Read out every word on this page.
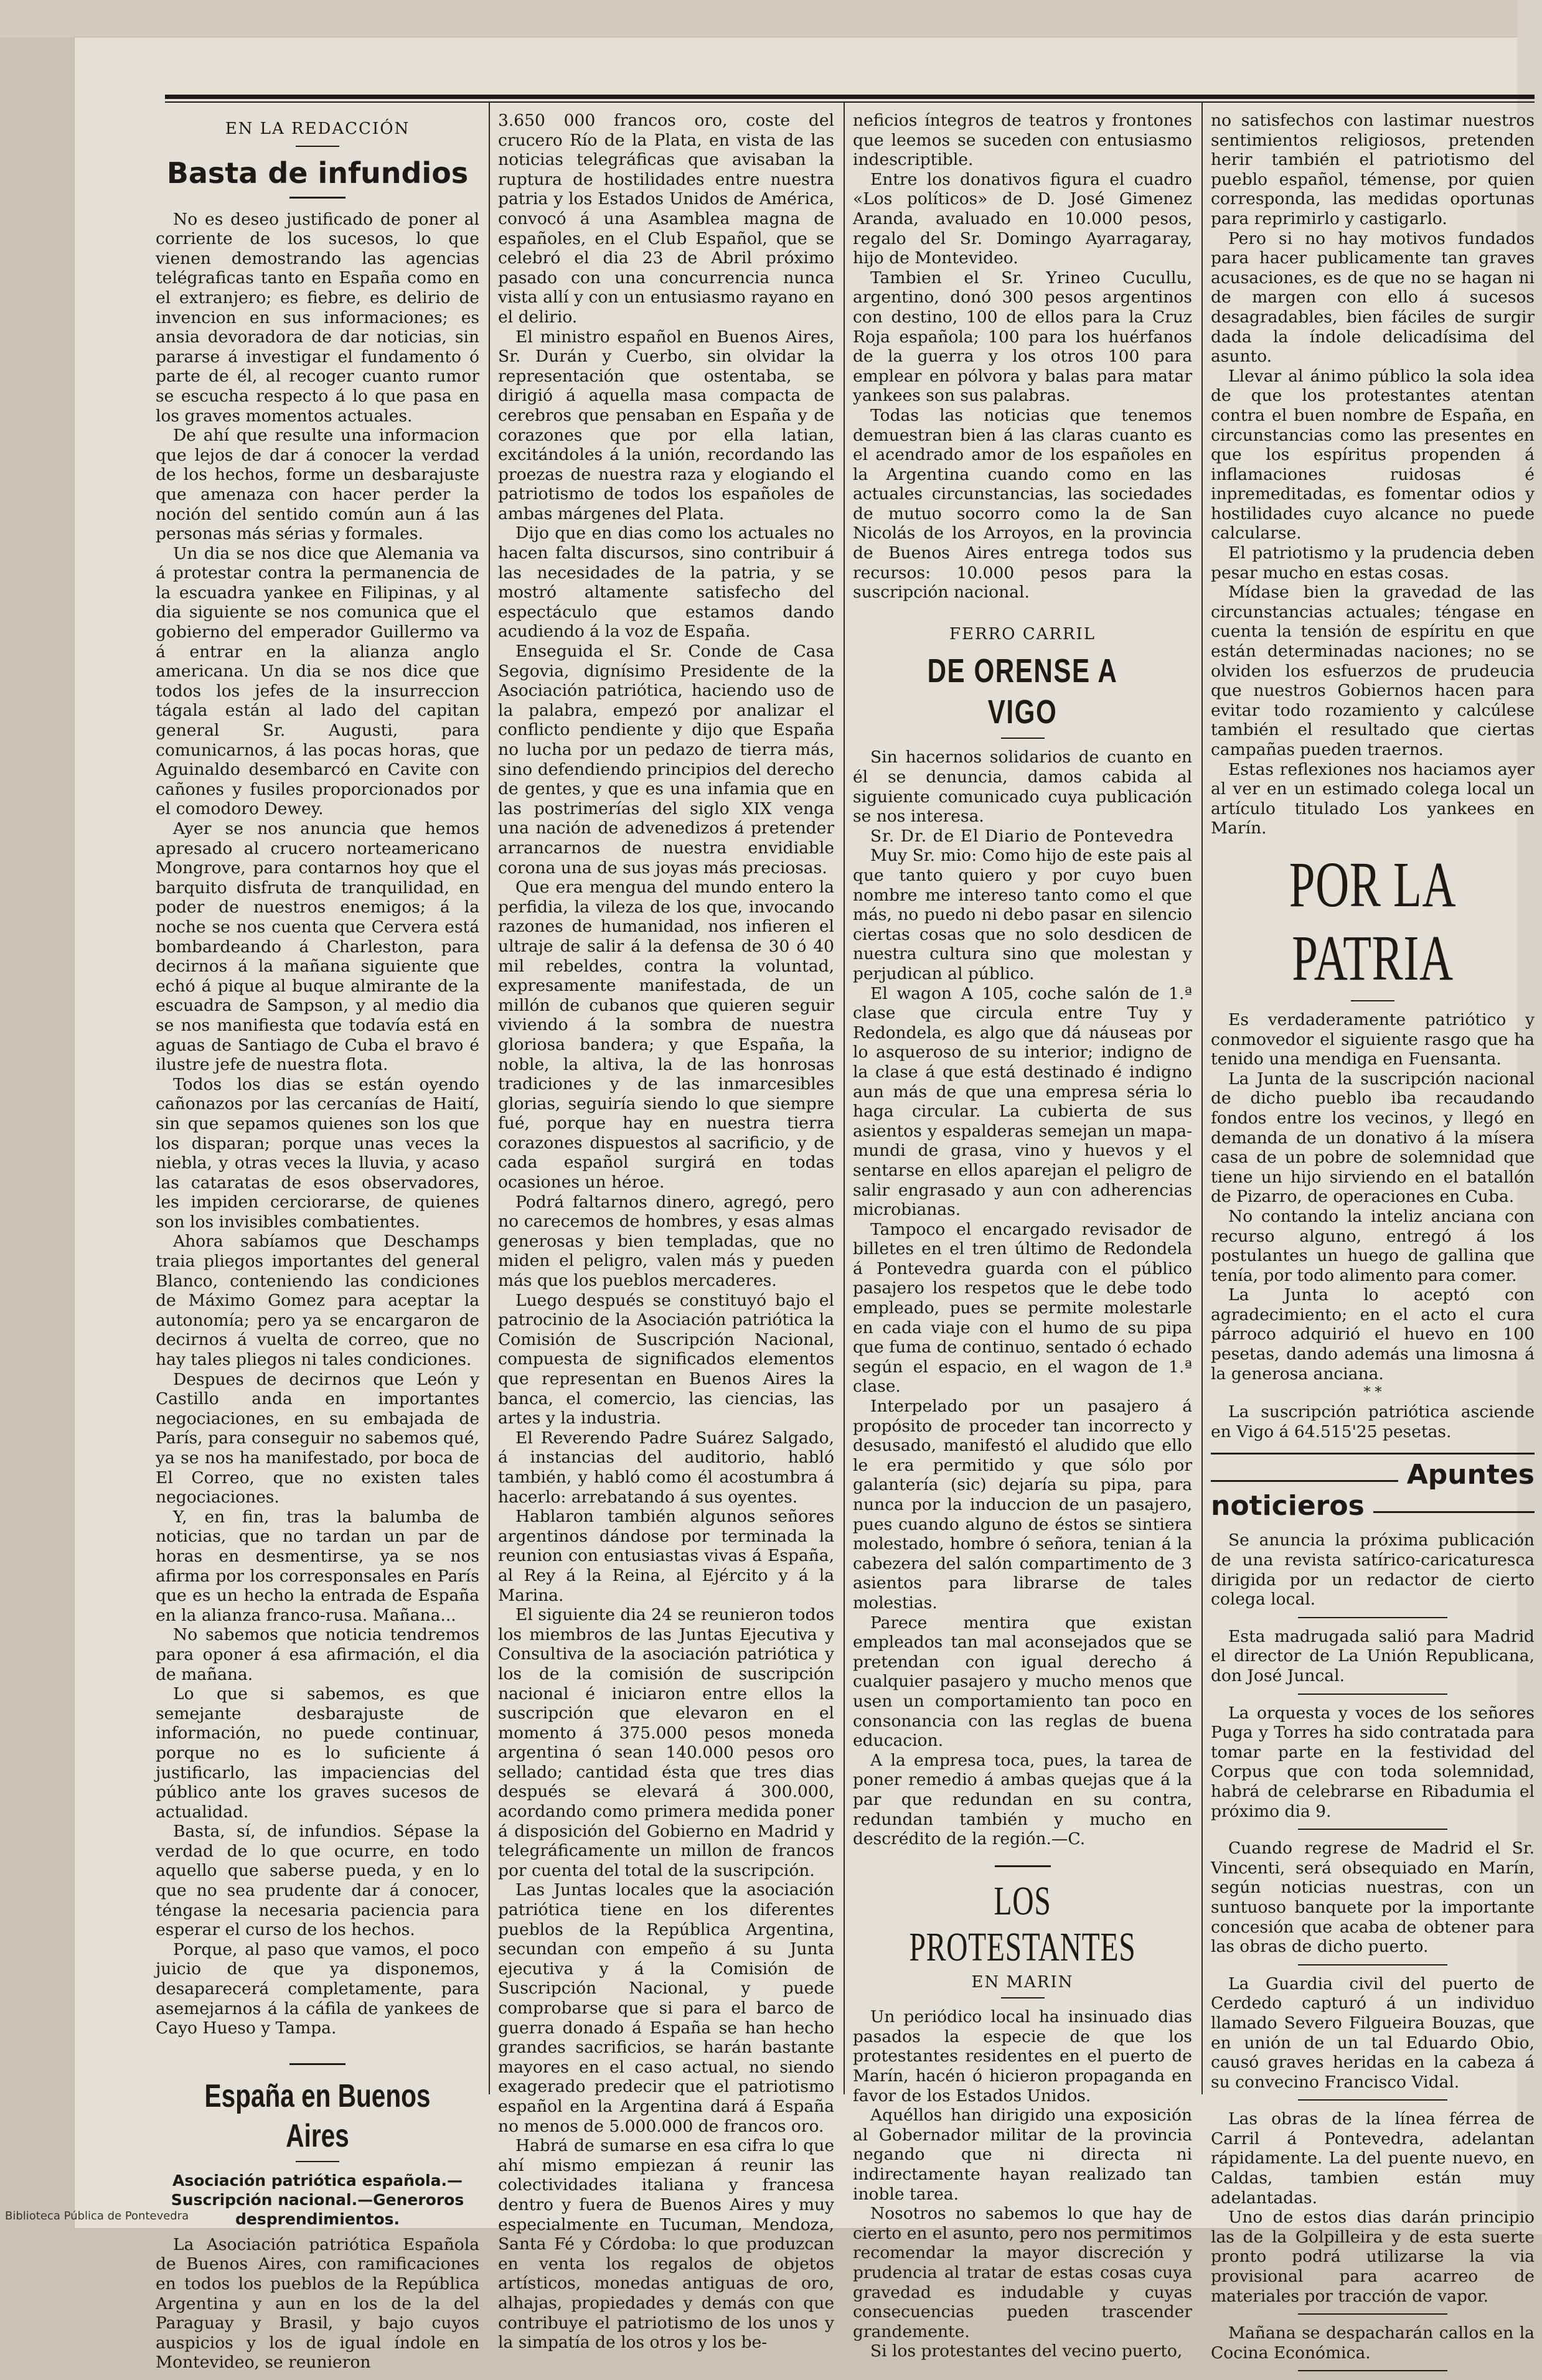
EN LA REDACCIÓN
Basta de infundios

No es deseo justificado de poner al corriente de los sucesos, lo que vienen demostrando las agencias telégraficas tanto en España como en el extranjero; es fiebre, es delirio de invencion en sus informaciones; es ansia devoradora de dar noticias, sin pararse á investigar el fundamento ó parte de él, al recoger cuanto rumor se escucha respecto á lo que pasa en los graves momentos actuales.

De ahí que resulte una informacion que lejos de dar á conocer la verdad de los hechos, forme un desbarajuste que amenaza con hacer perder la noción del sentido común aun á las personas más sérias y formales.

Un dia se nos dice que Alemania va á protestar contra la permanencia de la escuadra yankee en Filipinas, y al dia siguiente se nos comunica que el gobierno del emperador Guillermo va á entrar en la alianza anglo americana. Un dia se nos dice que todos los jefes de la insurreccion tágala están al lado del capitan general Sr. Augusti, para comunicarnos, á las pocas horas, que Aguinaldo desembarcó en Cavite con cañones y fusiles proporcionados por el comodoro Dewey.

Ayer se nos anuncia que hemos apresado al crucero norteamericano Mongrove, para contarnos hoy que el barquito disfruta de tranquilidad, en poder de nuestros enemigos; á la noche se nos cuenta que Cervera está bombardeando á Charleston, para decirnos á la mañana siguiente que echó á pique al buque almirante de la escuadra de Sampson, y al medio dia se nos manifiesta que todavía está en aguas de Santiago de Cuba el bravo é ilustre jefe de nuestra flota.

Todos los dias se están oyendo cañonazos por las cercanías de Haití, sin que sepamos quienes son los que los disparan; porque unas veces la niebla, y otras veces la lluvia, y acaso las cataratas de esos observadores, les impiden cerciorarse, de quienes son los invisibles combatientes.

Ahora sabíamos que Deschamps traia pliegos importantes del general Blanco, conteniendo las condiciones de Máximo Gomez para aceptar la autonomía; pero ya se encargaron de decirnos á vuelta de correo, que no hay tales pliegos ni tales condiciones.

Despues de decirnos que León y Castillo anda en importantes negociaciones, en su embajada de París, para conseguir no sabemos qué, ya se nos ha manifestado, por boca de El Correo, que no existen tales negociaciones.

Y, en fin, tras la balumba de noticias, que no tardan un par de horas en desmentirse, ya se nos afirma por los corresponsales en París que es un hecho la entrada de España en la alianza franco-rusa. Mañana...

No sabemos que noticia tendremos para oponer á esa afirmación, el dia de mañana.

Lo que si sabemos, es que semejante desbarajuste de información, no puede continuar, porque no es lo suficiente á justificarlo, las impaciencias del público ante los graves sucesos de actualidad.

Basta, sí, de infundios. Sépase la verdad de lo que ocurre, en todo aquello que saberse pueda, y en lo que no sea prudente dar á conocer, téngase la necesaria paciencia para esperar el curso de los hechos.

Porque, al paso que vamos, el poco juicio de que ya disponemos, desaparecerá completamente, para asemejarnos á la cáfila de yankees de Cayo Hueso y Tampa.

España en Buenos Aires
Asociación patriótica española.—Suscripción nacional.—Generoros desprendimientos.

La Asociación patriótica Española de Buenos Aires, con ramificaciones en todos los pueblos de la República Argentina y aun en los de la del Paraguay y Brasil, y bajo cuyos auspicios y los de igual índole en Montevideo, se reunieron

3.650 000 francos oro, coste del crucero Río de la Plata, en vista de las noticias telegráficas que avisaban la ruptura de hostilidades entre nuestra patria y los Estados Unidos de América, convocó á una Asamblea magna de españoles, en el Club Español, que se celebró el dia 23 de Abril próximo pasado con una concurrencia nunca vista allí y con un entusiasmo rayano en el delirio.

El ministro español en Buenos Aires, Sr. Durán y Cuerbo, sin olvidar la representación que ostentaba, se dirigió á aquella masa compacta de cerebros que pensaban en España y de corazones que por ella latian, excitándoles á la unión, recordando las proezas de nuestra raza y elogiando el patriotismo de todos los españoles de ambas márgenes del Plata.

Dijo que en dias como los actuales no hacen falta discursos, sino contribuir á las necesidades de la patria, y se mostró altamente satisfecho del espectáculo que estamos dando acudiendo á la voz de España.

Enseguida el Sr. Conde de Casa Segovia, dignísimo Presidente de la Asociación patriótica, haciendo uso de la palabra, empezó por analizar el conflicto pendiente y dijo que España no lucha por un pedazo de tierra más, sino defendiendo principios del derecho de gentes, y que es una infamia que en las postrimerías del siglo XIX venga una nación de advenedizos á pretender arrancarnos de nuestra envidiable corona una de sus joyas más preciosas.

Que era mengua del mundo entero la perfidia, la vileza de los que, invocando razones de humanidad, nos infieren el ultraje de salir á la defensa de 30 ó 40 mil rebeldes, contra la voluntad, expresamente manifestada, de un millón de cubanos que quieren seguir viviendo á la sombra de nuestra gloriosa bandera; y que España, la noble, la altiva, la de las honrosas tradiciones y de las inmarcesibles glorias, seguiría siendo lo que siempre fué, porque hay en nuestra tierra corazones dispuestos al sacrificio, y de cada español surgirá en todas ocasiones un héroe.

Podrá faltarnos dinero, agregó, pero no carecemos de hombres, y esas almas generosas y bien templadas, que no miden el peligro, valen más y pueden más que los pueblos mercaderes.

Luego después se constituyó bajo el patrocinio de la Asociación patriótica la Comisión de Suscripción Nacional, compuesta de significados elementos que representan en Buenos Aires la banca, el comercio, las ciencias, las artes y la industria.

El Reverendo Padre Suárez Salgado, á instancias del auditorio, habló también, y habló como él acostumbra á hacerlo: arrebatando á sus oyentes.

Hablaron también algunos señores argentinos dándose por terminada la reunion con entusiastas vivas á España, al Rey á la Reina, al Ejército y á la Marina.

El siguiente dia 24 se reunieron todos los miembros de las Juntas Ejecutiva y Consultiva de la asociación patriótica y los de la comisión de suscripción nacional é iniciaron entre ellos la suscripción que elevaron en el momento á 375.000 pesos moneda argentina ó sean 140.000 pesos oro sellado; cantidad ésta que tres dias después se elevará á 300.000, acordando como primera medida poner á disposición del Gobierno en Madrid y telegráficamente un millon de francos por cuenta del total de la suscripción.

Las Juntas locales que la asociación patriótica tiene en los diferentes pueblos de la República Argentina, secundan con empeño á su Junta ejecutiva y á la Comisión de Suscripción Nacional, y puede comprobarse que si para el barco de guerra donado á España se han hecho grandes sacrificios, se harán bastante mayores en el caso actual, no siendo exagerado predecir que el patriotismo español en la Argentina dará á España no menos de 5.000.000 de francos oro.

Habrá de sumarse en esa cifra lo que ahí mismo empiezan á reunir las colectividades italiana y francesa dentro y fuera de Buenos Aires y muy especialmente en Tucuman, Mendoza, Santa Fé y Córdoba: lo que produzcan en venta los regalos de objetos artísticos, monedas antiguas de oro, alhajas, propiedades y demás con que contribuye el patriotismo de los unos y la simpatía de los otros y los be-

neficios íntegros de teatros y frontones que leemos se suceden con entusiasmo indescriptible.

Entre los donativos figura el cuadro «Los políticos» de D. José Gimenez Aranda, avaluado en 10.000 pesos, regalo del Sr. Domingo Ayarragaray, hijo de Montevideo.

Tambien el Sr. Yrineo Cucullu, argentino, donó 300 pesos argentinos con destino, 100 de ellos para la Cruz Roja española; 100 para los huérfanos de la guerra y los otros 100 para emplear en pólvora y balas para matar yankees son sus palabras.

Todas las noticias que tenemos demuestran bien á las claras cuanto es el acendrado amor de los españoles en la Argentina cuando como en las actuales circunstancias, las sociedades de mutuo socorro como la de San Nicolás de los Arroyos, en la provincia de Buenos Aires entrega todos sus recursos: 10.000 pesos para la suscripción nacional.

FERRO CARRIL
DE ORENSE A VIGO

Sin hacernos solidarios de cuanto en él se denuncia, damos cabida al siguiente comunicado cuya publicación se nos interesa.

Sr. Dr. de El Diario de Pontevedra

Muy Sr. mio: Como hijo de este pais al que tanto quiero y por cuyo buen nombre me intereso tanto como el que más, no puedo ni debo pasar en silencio ciertas cosas que no solo desdicen de nuestra cultura sino que molestan y perjudican al público.

El wagon A 105, coche salón de 1.ª clase que circula entre Tuy y Redondela, es algo que dá náuseas por lo asqueroso de su interior; indigno de la clase á que está destinado é indigno aun más de que una empresa séria lo haga circular. La cubierta de sus asientos y espalderas semejan un mapa-mundi de grasa, vino y huevos y el sentarse en ellos aparejan el peligro de salir engrasado y aun con adherencias microbianas.

Tampoco el encargado revisador de billetes en el tren último de Redondela á Pontevedra guarda con el público pasajero los respetos que le debe todo empleado, pues se permite molestarle en cada viaje con el humo de su pipa que fuma de continuo, sentado ó echado según el espacio, en el wagon de 1.ª clase.

Interpelado por un pasajero á propósito de proceder tan incorrecto y desusado, manifestó el aludido que ello le era permitido y que sólo por galantería (sic) dejaría su pipa, para nunca por la induccion de un pasajero, pues cuando alguno de éstos se sintiera molestado, hombre ó señora, tenian á la cabezera del salón compartimento de 3 asientos para librarse de tales molestias.

Parece mentira que existan empleados tan mal aconsejados que se pretendan con igual derecho á cualquier pasajero y mucho menos que usen un comportamiento tan poco en consonancia con las reglas de buena educacion.

A la empresa toca, pues, la tarea de poner remedio á ambas quejas que á la par que redundan en su contra, redundan también y mucho en descrédito de la región.—C.

LOS PROTESTANTES
EN MARIN

Un periódico local ha insinuado dias pasados la especie de que los protestantes residentes en el puerto de Marín, hacén ó hicieron propaganda en favor de los Estados Unidos.

Aquéllos han dirigido una exposición al Gobernador militar de la provincia negando que ni directa ni indirectamente hayan realizado tan inoble tarea.

Nosotros no sabemos lo que hay de cierto en el asunto, pero nos permitimos recomendar la mayor discreción y prudencia al tratar de estas cosas cuya gravedad es indudable y cuyas consecuencias pueden trascender grandemente.

Si los protestantes del vecino puerto,

no satisfechos con lastimar nuestros sentimientos religiosos, pretenden herir también el patriotismo del pueblo español, témense, por quien corresponda, las medidas oportunas para reprimirlo y castigarlo.

Pero si no hay motivos fundados para hacer publicamente tan graves acusaciones, es de que no se hagan ni de margen con ello á sucesos desagradables, bien fáciles de surgir dada la índole delicadísima del asunto.

Llevar al ánimo público la sola idea de que los protestantes atentan contra el buen nombre de España, en circunstancias como las presentes en que los espíritus propenden á inflamaciones ruidosas é inpremeditadas, es fomentar odios y hostilidades cuyo alcance no puede calcularse.

El patriotismo y la prudencia deben pesar mucho en estas cosas.

Mídase bien la gravedad de las circunstancias actuales; téngase en cuenta la tensión de espíritu en que están determinadas naciones; no se olviden los esfuerzos de prudeucia que nuestros Gobiernos hacen para evitar todo rozamiento y calcúlese también el resultado que ciertas campañas pueden traernos.

Estas reflexiones nos haciamos ayer al ver en un estimado colega local un artículo titulado Los yankees en Marín.

POR LA PATRIA

Es verdaderamente patriótico y conmovedor el siguiente rasgo que ha tenido una mendiga en Fuensanta.

La Junta de la suscripción nacional de dicho pueblo iba recaudando fondos entre los vecinos, y llegó en demanda de un donativo á la mísera casa de un pobre de solemnidad que tiene un hijo sirviendo en el batallón de Pizarro, de operaciones en Cuba.

No contando la inteliz anciana con recurso alguno, entregó á los postulantes un huego de gallina que tenía, por todo alimento para comer.

La Junta lo aceptó con agradecimiento; en el acto el cura párroco adquirió el huevo en 100 pesetas, dando además una limosna á la generosa anciana.

* *

La suscripción patriótica asciende en Vigo á 64.515'25 pesetas.

Apuntes
noticieros

Se anuncia la próxima publicación de una revista satírico-caricaturesca dirigida por un redactor de cierto colega local.

Esta madrugada salió para Madrid el director de La Unión Republicana, don José Juncal.

La orquesta y voces de los señores Puga y Torres ha sido contratada para tomar parte en la festividad del Corpus que con toda solemnidad, habrá de celebrarse en Ribadumia el próximo dia 9.

Cuando regrese de Madrid el Sr. Vincenti, será obsequiado en Marín, según noticias nuestras, con un suntuoso banquete por la importante concesión que acaba de obtener para las obras de dicho puerto.

La Guardia civil del puerto de Cerdedo capturó á un individuo llamado Severo Filgueira Bouzas, que en unión de un tal Eduardo Obio, causó graves heridas en la cabeza á su convecino Francisco Vidal.

Las obras de la línea férrea de Carril á Pontevedra, adelantan rápidamente. La del puente nuevo, en Caldas, tambien están muy adelantadas.

Uno de estos dias darán principio las de la Golpilleira y de esta suerte pronto podrá utilizarse la via provisional para acarreo de materiales por tracción de vapor.

Mañana se despacharán callos en la Cocina Económica.

Biblioteca Pública de Pontevedra
